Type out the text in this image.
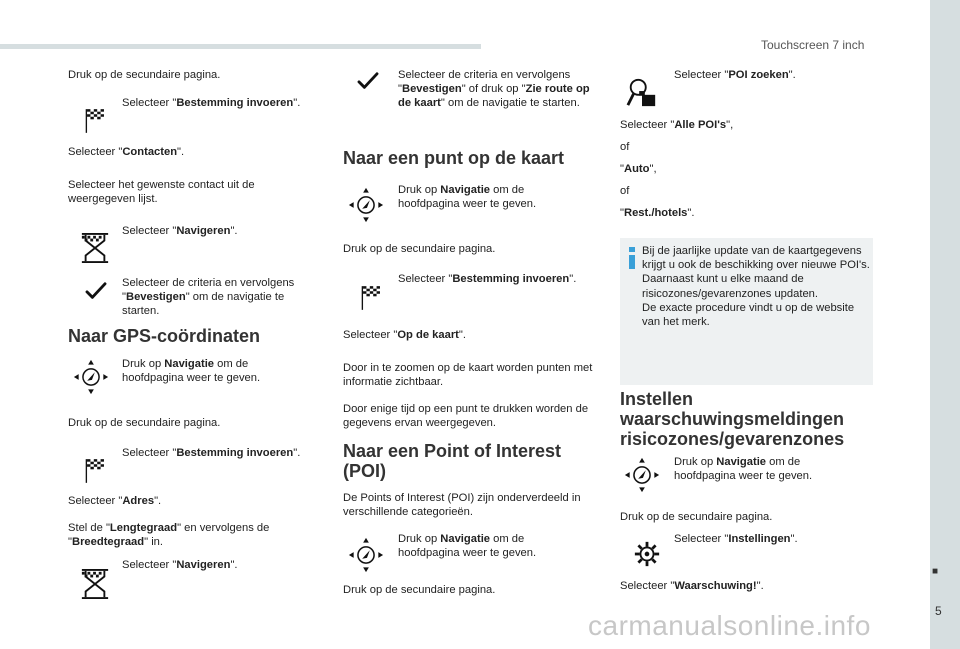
Touchscreen 7 inch
■
5
carmanualsonline.info
Druk op de secundaire pagina.
Selecteer "Bestemming invoeren".
Selecteer "Contacten".
Selecteer het gewenste contact uit de weergegeven lijst.
Selecteer "Navigeren".
Selecteer de criteria en vervolgens "Bevestigen" om de navigatie te starten.
Naar GPS-coördinaten
Druk op Navigatie om de hoofdpagina weer te geven.
Druk op de secundaire pagina.
Selecteer "Bestemming invoeren".
Selecteer "Adres".
Stel de "Lengtegraad" en vervolgens de "Breedtegraad" in.
Selecteer "Navigeren".
Selecteer de criteria en vervolgens "Bevestigen" of druk op "Zie route op de kaart" om de navigatie te starten.
Naar een punt op de kaart
Druk op Navigatie om de hoofdpagina weer te geven.
Druk op de secundaire pagina.
Selecteer "Bestemming invoeren".
Selecteer "Op de kaart".
Door in te zoomen op de kaart worden punten met informatie zichtbaar.
Door enige tijd op een punt te drukken worden de gegevens ervan weergegeven.
Naar een Point of Interest (POI)
De Points of Interest (POI) zijn onderverdeeld in verschillende categorieën.
Druk op Navigatie om de hoofdpagina weer te geven.
Druk op de secundaire pagina.
Selecteer "POI zoeken".
Selecteer "Alle POI's",
of
"Auto",
of
"Rest./hotels".
Bij de jaarlijke update van de kaartgegevens krijgt u ook de beschikking over nieuwe POI's.
Daarnaast kunt u elke maand de risicozones/gevarenzones updaten.
De exacte procedure vindt u op de website van het merk.
Instellen waarschuwingsmeldingen risicozones/gevarenzones
Druk op Navigatie om de hoofdpagina weer te geven.
Druk op de secundaire pagina.
Selecteer "Instellingen".
Selecteer "Waarschuwing!".
